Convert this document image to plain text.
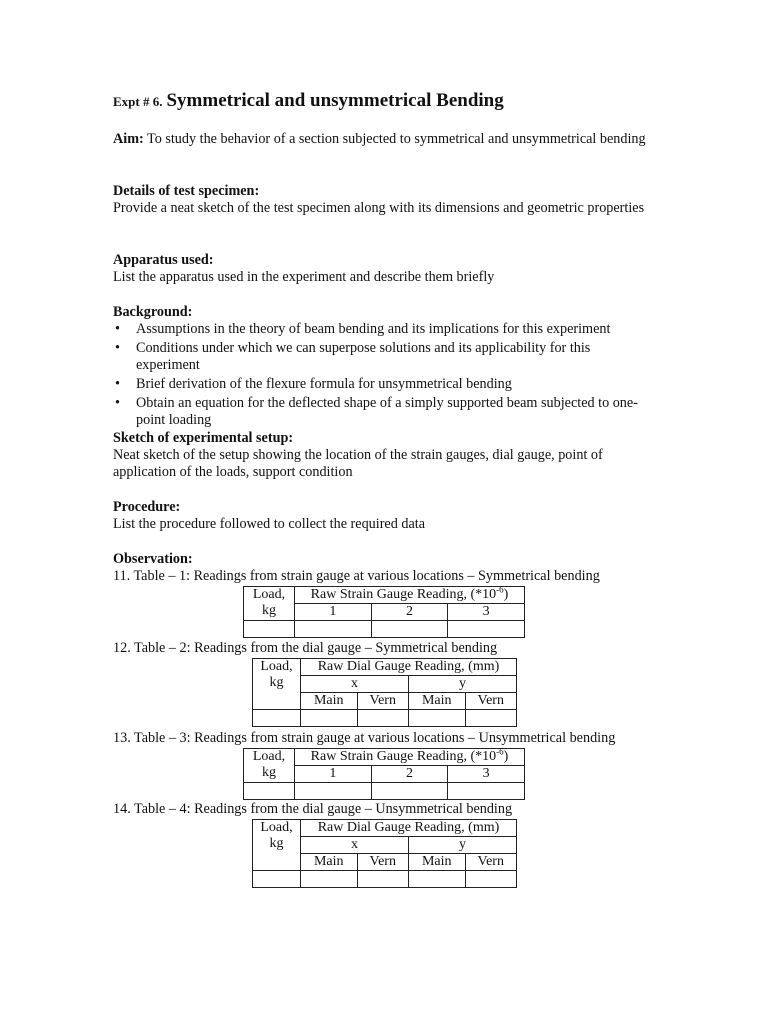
Expt # 6. Symmetrical and unsymmetrical Bending
Aim: To study the behavior of a section subjected to symmetrical and unsymmetrical bending
Details of test specimen:
Provide a neat sketch of the test specimen along with its dimensions and geometric properties
Apparatus used:
List the apparatus used in the experiment and describe them briefly
Background:
• Assumptions in the theory of beam bending and its implications for this experiment
• Conditions under which we can superpose solutions and its applicability for this experiment
• Brief derivation of the flexure formula for unsymmetrical bending
• Obtain an equation for the deflected shape of a simply supported beam subjected to one-point loading
Sketch of experimental setup:
Neat sketch of the setup showing the location of the strain gauges, dial gauge, point of application of the loads, support condition
Procedure:
List the procedure followed to collect the required data
Observation:
11. Table – 1: Readings from strain gauge at various locations – Symmetrical bending
Load,
kg	Raw Strain Gauge Reading, $(*10^{-6})$		
	1	2	3

12. Table – 2: Readings from the dial gauge – Symmetrical bending
Load,
kg	Raw Dial Gauge Reading, (mm)			
	x		y	
	Main	Vern	Main	Vern

13. Table – 3: Readings from strain gauge at various locations – Unsymmetrical bending
Load,
kg	Raw Strain Gauge Reading, $(*10^{-6})$		
	1	2	3

14. Table – 4: Readings from the dial gauge – Unsymmetrical bending
Load,
kg	Raw Dial Gauge Reading, (mm)			
	x		y	
	Main	Vern	Main	Vern
